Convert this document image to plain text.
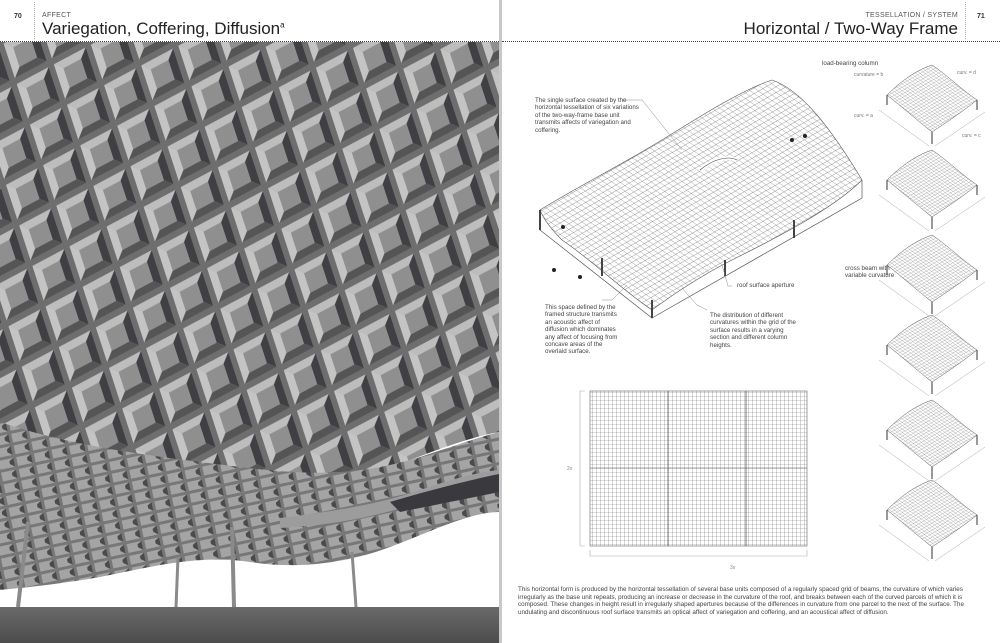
70	AFFECT
Variegation, Coffering, Diffusion$^a$
TESSELLATION / SYSTEM
Horizontal / Two-Way Frame
71
The single surface created by the horizontal tessellation of six variations of the two-way-frame base unit transmits affects of variegation and coffering.
This space defined by the framed structure transmits an acoustic affect of diffusion which dominates any affect of focusing from concave areas of the overlaid surface.
The distribution of different curvatures within the grid of the surface results in a varying section and different column heights.
roof surface aperture
load-bearing column
cross beam with variable curvature
curvature = b
curv. = a
curv. = c
curv. = d
2x
3x
This horizontal form is produced by the horizontal tessellation of several base units composed of a regularly spaced grid of beams, the curvature of which varies irregularly as the base unit repeats, producing an increase or decrease in the curvature of the roof, and breaks between each of the curved parcels of which it is composed. These changes in height result in irregularly shaped apertures because of the differences in curvature from one parcel to the next of the surface. The undulating and discontinuous roof surface transmits an optical affect of variegation and coffering, and an acoustical affect of diffusion.
